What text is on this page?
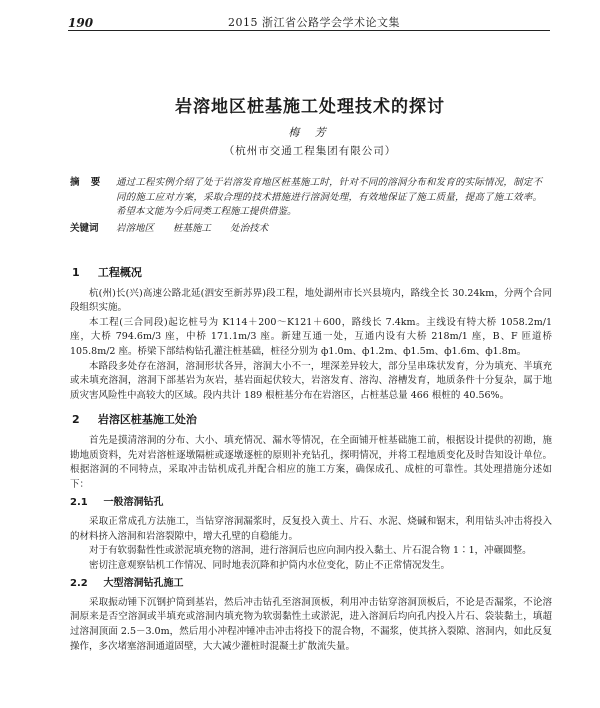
190	2015 浙江省公路学会学术论文集
岩溶地区桩基施工处理技术的探讨
梅 芳
（杭州市交通工程集团有限公司）
摘 要	通过工程实例介绍了处于岩溶发育地区桩基施工时，针对不同的溶洞分布和发育的实际情况，制定不同的施工应对方案，采取合理的技术措施进行溶洞处理，有效地保证了施工质量，提高了施工效率。希望本文能为今后同类工程施工提供借鉴。
关键词	岩溶地区 桩基施工 处治技术
1 工程概况

杭(州)长(兴)高速公路北延(泗安至新苏界)段工程，地处湖州市长兴县境内，路线全长 30.24km，分两个合同段组织实施。

本工程(三合同段)起讫桩号为 K114＋200～K121＋600，路线长 7.4km。主线设有特大桥 1058.2m/1 座，大桥 794.6m/3 座，中桥 171.1m/3 座。新建互通一处，互通内设有大桥 218m/1 座，B、F 匝道桥 105.8m/2 座。桥梁下部结构钻孔灌注桩基础，桩径分别为 ф1.0m、ф1.2m、ф1.5m、ф1.6m、ф1.8m。

本路段多处存在溶洞，溶洞形状各异，溶洞大小不一，埋深差异较大，部分呈串珠状发育，分为填充、半填充或未填充溶洞，溶洞下部基岩为灰岩，基岩面起伏较大，岩溶发育、溶沟、溶槽发育，地质条件十分复杂，属于地质灾害风险性中高较大的区域。段内共计 189 根桩基分布在岩溶区，占桩基总量 466 根桩的 40.56%。

2 岩溶区桩基施工处治

首先是摸清溶洞的分布、大小、填充情况、漏水等情况，在全面铺开桩基础施工前，根据设计提供的初勘，施勘地质资料，先对岩溶桩逐墩隔桩或逐墩逐桩的原则补充钻孔，探明情况，并将工程地质变化及时告知设计单位。根据溶洞的不同特点，采取冲击钻机成孔并配合相应的施工方案，确保成孔、成桩的可靠性。其处理措施分述如下：

2.1 一般溶洞钻孔

采取正常成孔方法施工，当钻穿溶洞漏浆时，反复投入黄土、片石、水泥、烧碱和锯末，利用钻头冲击将投入的材料挤入溶洞和岩溶裂隙中，增大孔壁的自稳能力。

对于有软弱黏性性或淤泥填充物的溶洞，进行溶洞后也应向洞内投入黏土、片石混合物 1∶1，冲碾圆整。

密切注意观察钻机工作情况、同时地表沉降和护筒内水位变化，防止不正常情况发生。

2.2 大型溶洞钻孔施工

采取振动锤下沉钢护筒到基岩，然后冲击钻孔至溶洞顶板，利用冲击钻穿溶洞顶板后，不论是否漏浆，不论溶洞原来是否空溶洞或半填充或溶洞内填充物为软弱黏性土或淤泥，进入溶洞后均向孔内投入片石、袋装黏土，填超过溶洞顶面 2.5－3.0m，然后用小冲程冲锤冲击冲击将投下的混合物，不漏浆，使其挤入裂隙、溶洞内，如此反复操作，多次堵塞溶洞通道固壁，大大减少灌桩时混凝土扩散流失量。
